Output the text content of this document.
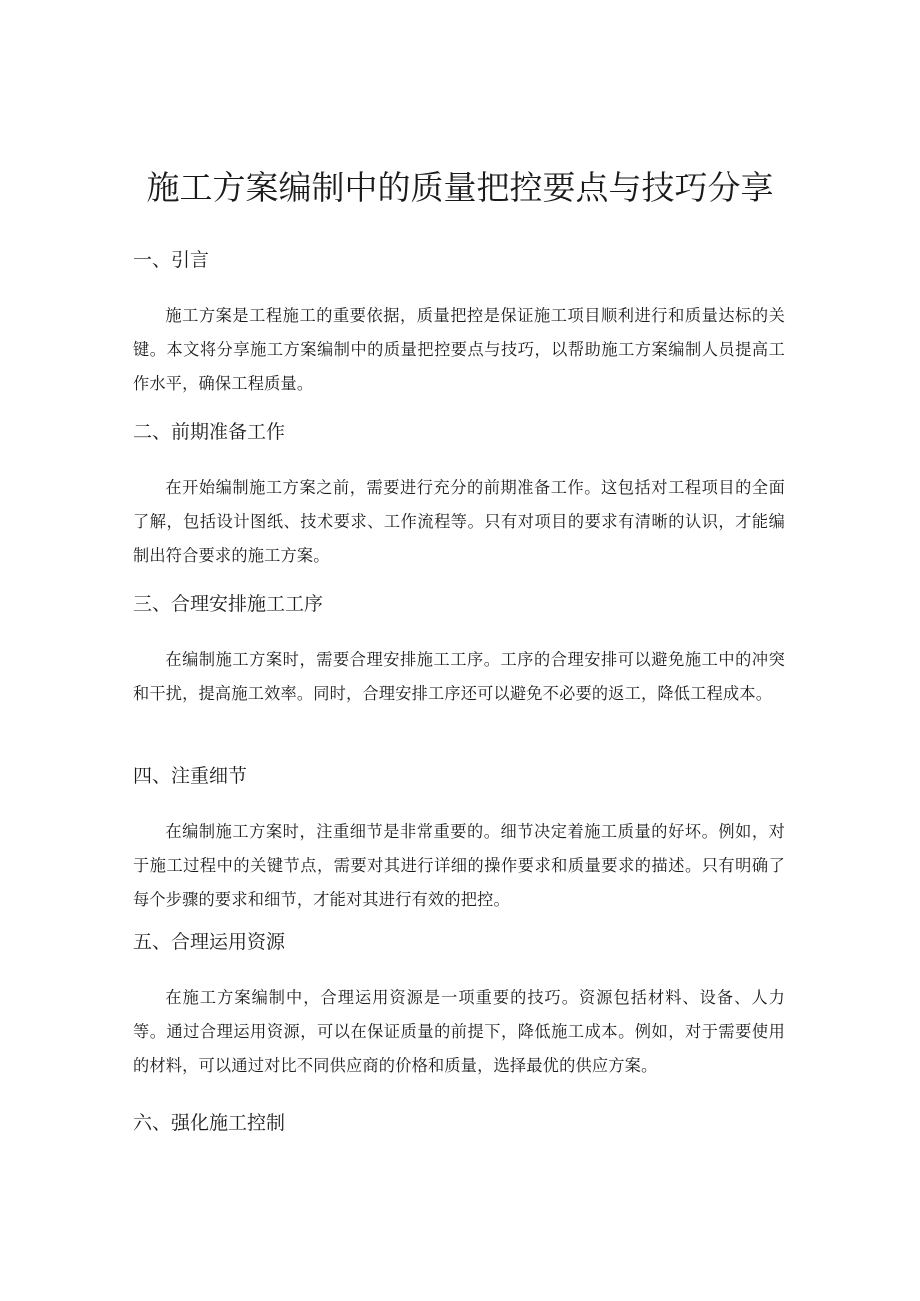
施工方案编制中的质量把控要点与技巧分享
一、引言

施工方案是工程施工的重要依据，质量把控是保证施工项目顺利进行和质量达标的关键。本文将分享施工方案编制中的质量把控要点与技巧，以帮助施工方案编制人员提高工作水平，确保工程质量。

二、前期准备工作

在开始编制施工方案之前，需要进行充分的前期准备工作。这包括对工程项目的全面了解，包括设计图纸、技术要求、工作流程等。只有对项目的要求有清晰的认识，才能编制出符合要求的施工方案。

三、合理安排施工工序

在编制施工方案时，需要合理安排施工工序。工序的合理安排可以避免施工中的冲突和干扰，提高施工效率。同时，合理安排工序还可以避免不必要的返工，降低工程成本。

四、注重细节

在编制施工方案时，注重细节是非常重要的。细节决定着施工质量的好坏。例如，对于施工过程中的关键节点，需要对其进行详细的操作要求和质量要求的描述。只有明确了每个步骤的要求和细节，才能对其进行有效的把控。

五、合理运用资源

在施工方案编制中，合理运用资源是一项重要的技巧。资源包括材料、设备、人力等。通过合理运用资源，可以在保证质量的前提下，降低施工成本。例如，对于需要使用的材料，可以通过对比不同供应商的价格和质量，选择最优的供应方案。

六、强化施工控制
